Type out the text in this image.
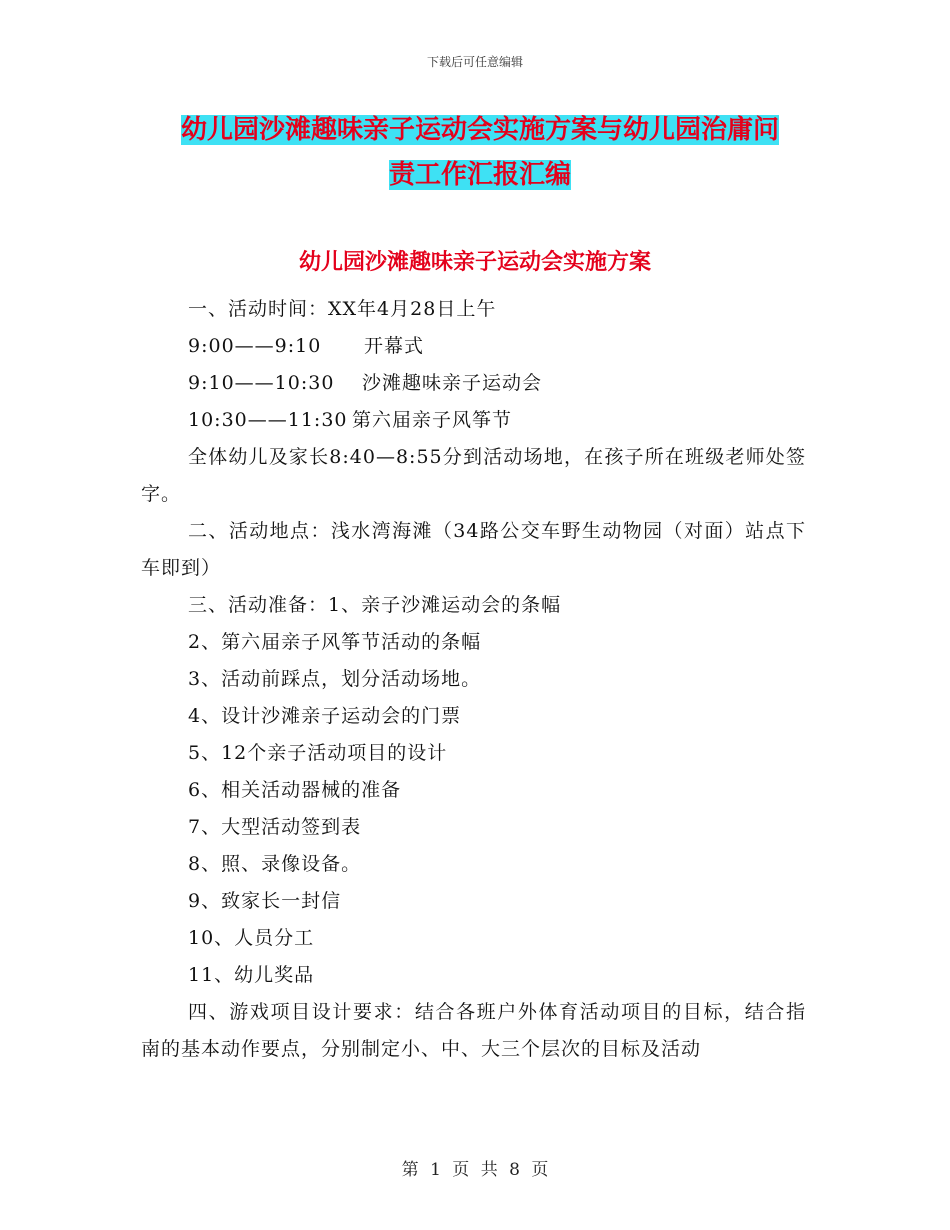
下载后可任意编辑
幼儿园沙滩趣味亲子运动会实施方案与幼儿园治庸问
责工作汇报汇编
幼儿园沙滩趣味亲子运动会实施方案

一、活动时间：XX年4月28日上午

9:00——9:10 开幕式

9:10——10:30 沙滩趣味亲子运动会

10:30——11:30 第六届亲子风筝节

全体幼儿及家长8:40—8:55分到活动场地，在孩子所在班级老师处签字。

二、活动地点：浅水湾海滩（34路公交车野生动物园（对面）站点下车即到）

三、活动准备：1、亲子沙滩运动会的条幅

2、第六届亲子风筝节活动的条幅

3、活动前踩点，划分活动场地。

4、设计沙滩亲子运动会的门票

5、12个亲子活动项目的设计

6、相关活动器械的准备

7、大型活动签到表

8、照、录像设备。

9、致家长一封信

10、人员分工

11、幼儿奖品

四、游戏项目设计要求：结合各班户外体育活动项目的目标，结合指南的基本动作要点，分别制定小、中、大三个层次的目标及活动

第 1 页 共 8 页
